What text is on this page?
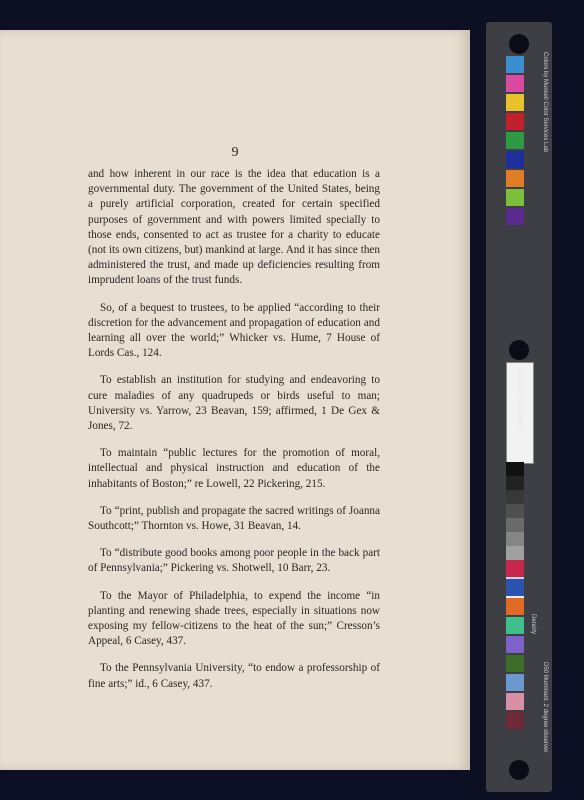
9

and how inherent in our race is the idea that education is a governmental duty. The government of the United States, being a purely artificial corporation, created for certain specified purposes of government and with powers limited specially to those ends, consented to act as trustee for a charity to educate (not its own citizens, but) mankind at large. And it has since then administered the trust, and made up deficiencies resulting from imprudent loans of the trust funds.

So, of a bequest to trustees, to be applied “according to their discretion for the advancement and propagation of education and learning all over the world;” Whicker vs. Hume, 7 House of Lords Cas., 124.

To establish an institution for studying and endeavoring to cure maladies of any quadrupeds or birds useful to man; University vs. Yarrow, 23 Beavan, 159; affirmed, 1 De Gex & Jones, 72.

To maintain “public lectures for the promotion of moral, intellectual and physical instruction and education of the inhabitants of Boston;” re Lowell, 22 Pickering, 215.

To “print, publish and propagate the sacred writings of Joanna Southcott;” Thornton vs. Howe, 31 Beavan, 14.

To “distribute good books among poor people in the back part of Pennsylvania;” Pickering vs. Shotwell, 10 Barr, 23.

To the Mayor of Philadelphia, to expend the income “in planting and renewing shade trees, especially in situations now exposing my fellow-citizens to the heat of the sun;” Cresson’s Appeal, 6 Casey, 437.

To the Pennsylvania University, “to endow a professorship of fine arts;” id., 6 Casey, 437.

Golden Thread
Colors by Munsell Color Services Lab
D50 Illuminant, 2 degree observer
Density
